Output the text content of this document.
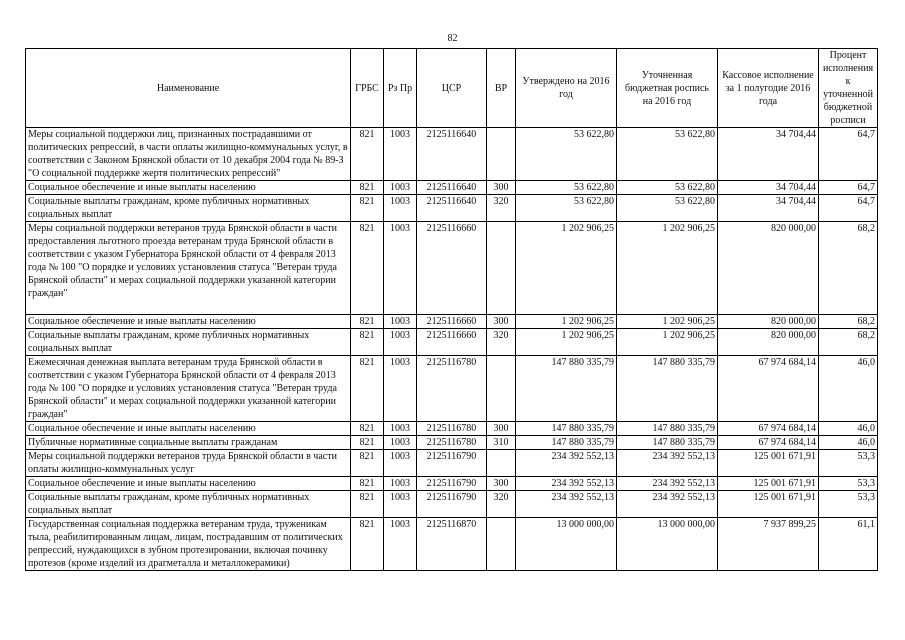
82
Наименование	ГРБС	Рз Пр	ЦСР	ВР	Утверждено на 2016 год	Уточненная бюджетная роспись на 2016 год	Кассовое исполнение за 1 полугодие 2016 года	Процент исполнения к уточненной бюджетной росписи
Меры социальной поддержки лиц, признанных пострадавшими от политических репрессий, в части оплаты жилищно-коммунальных услуг, в соответствии с Законом Брянской области от 10 декабря 2004 года № 89-З "О социальной поддержке жертв политических репрессий"	821	1003	2125116640		53 622,80	53 622,80	34 704,44	64,7
Социальное обеспечение и иные выплаты населению	821	1003	2125116640	300	53 622,80	53 622,80	34 704,44	64,7
Социальные выплаты гражданам, кроме публичных нормативных социальных выплат	821	1003	2125116640	320	53 622,80	53 622,80	34 704,44	64,7
Меры социальной поддержки ветеранов труда Брянской области в части предоставления льготного проезда ветеранам труда Брянской области в соответствии с указом Губернатора Брянской области от 4 февраля 2013 года № 100 "О порядке и условиях установления статуса "Ветеран труда Брянской области" и мерах социальной поддержки указанной категории граждан"	821	1003	2125116660		1 202 906,25	1 202 906,25	820 000,00	68,2
Социальное обеспечение и иные выплаты населению	821	1003	2125116660	300	1 202 906,25	1 202 906,25	820 000,00	68,2
Социальные выплаты гражданам, кроме публичных нормативных социальных выплат	821	1003	2125116660	320	1 202 906,25	1 202 906,25	820 000,00	68,2
Ежемесячная денежная выплата ветеранам труда Брянской области в соответствии с указом Губернатора Брянской области от 4 февраля 2013 года № 100 "О порядке и условиях установления статуса "Ветеран труда Брянской области" и мерах социальной поддержки указанной категории граждан"	821	1003	2125116780		147 880 335,79	147 880 335,79	67 974 684,14	46,0
Социальное обеспечение и иные выплаты населению	821	1003	2125116780	300	147 880 335,79	147 880 335,79	67 974 684,14	46,0
Публичные нормативные социальные выплаты гражданам	821	1003	2125116780	310	147 880 335,79	147 880 335,79	67 974 684,14	46,0
Меры социальной поддержки ветеранов труда Брянской области в части оплаты жилищно-коммунальных услуг	821	1003	2125116790		234 392 552,13	234 392 552,13	125 001 671,91	53,3
Социальное обеспечение и иные выплаты населению	821	1003	2125116790	300	234 392 552,13	234 392 552,13	125 001 671,91	53,3
Социальные выплаты гражданам, кроме публичных нормативных социальных выплат	821	1003	2125116790	320	234 392 552,13	234 392 552,13	125 001 671,91	53,3
Государственная социальная поддержка ветеранам труда, труженикам тыла, реабилитированным лицам, лицам, пострадавшим от политических репрессий, нуждающихся в зубном протезировании, включая починку протезов (кроме изделий из драгметалла и металлокерамики)	821	1003	2125116870		13 000 000,00	13 000 000,00	7 937 899,25	61,1
